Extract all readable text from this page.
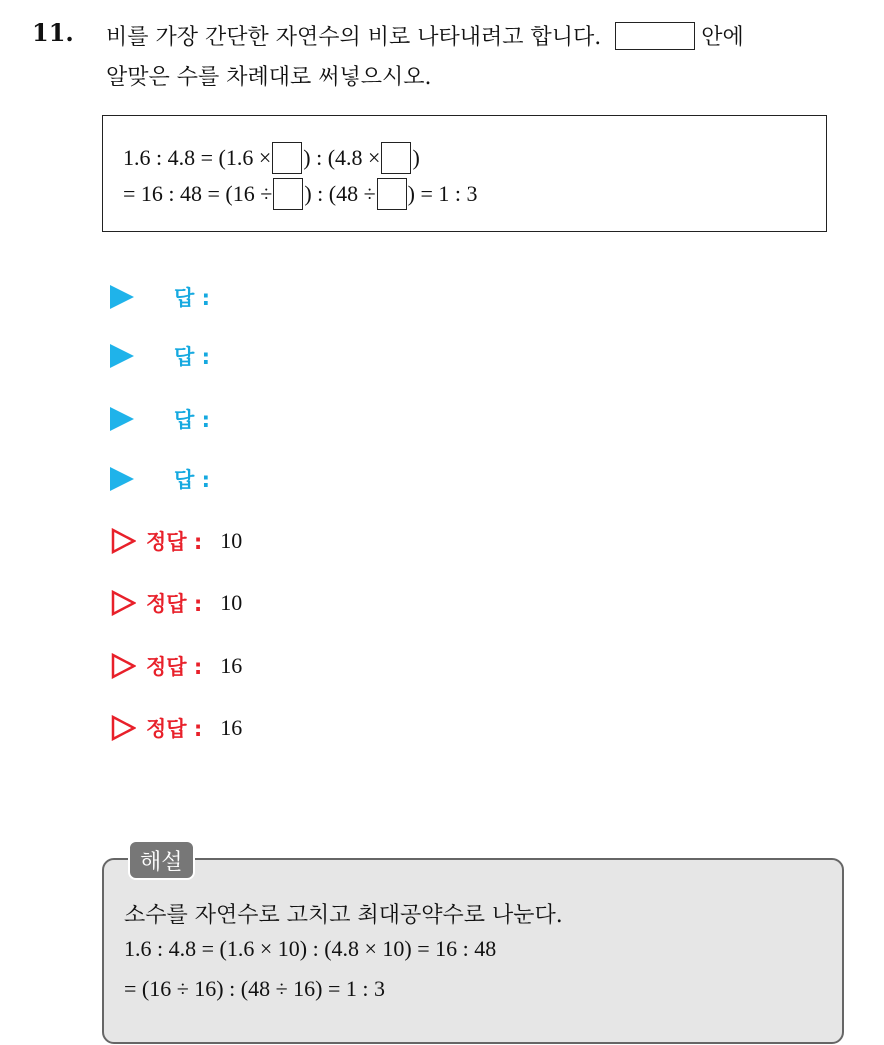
11. 비를 가장 간단한 자연수의 비로 나타내려고 합니다.	안에
알맞은 수를 차례대로 써넣으시오.
1.6 : 4.8 = (1.6 × ) : (4.8 × )
= 16 : 48 = (16 ÷ ) : (48 ÷ ) = 1 : 3
답 :
답 :
답 :
답 :
정답 : 10
정답 : 10
정답 : 16
정답 : 16
해설
소수를 자연수로 고치고 최대공약수로 나눈다.
1.6 : 4.8 = (1.6 × 10) : (4.8 × 10) = 16 : 48
= (16 ÷ 16) : (48 ÷ 16) = 1 : 3
